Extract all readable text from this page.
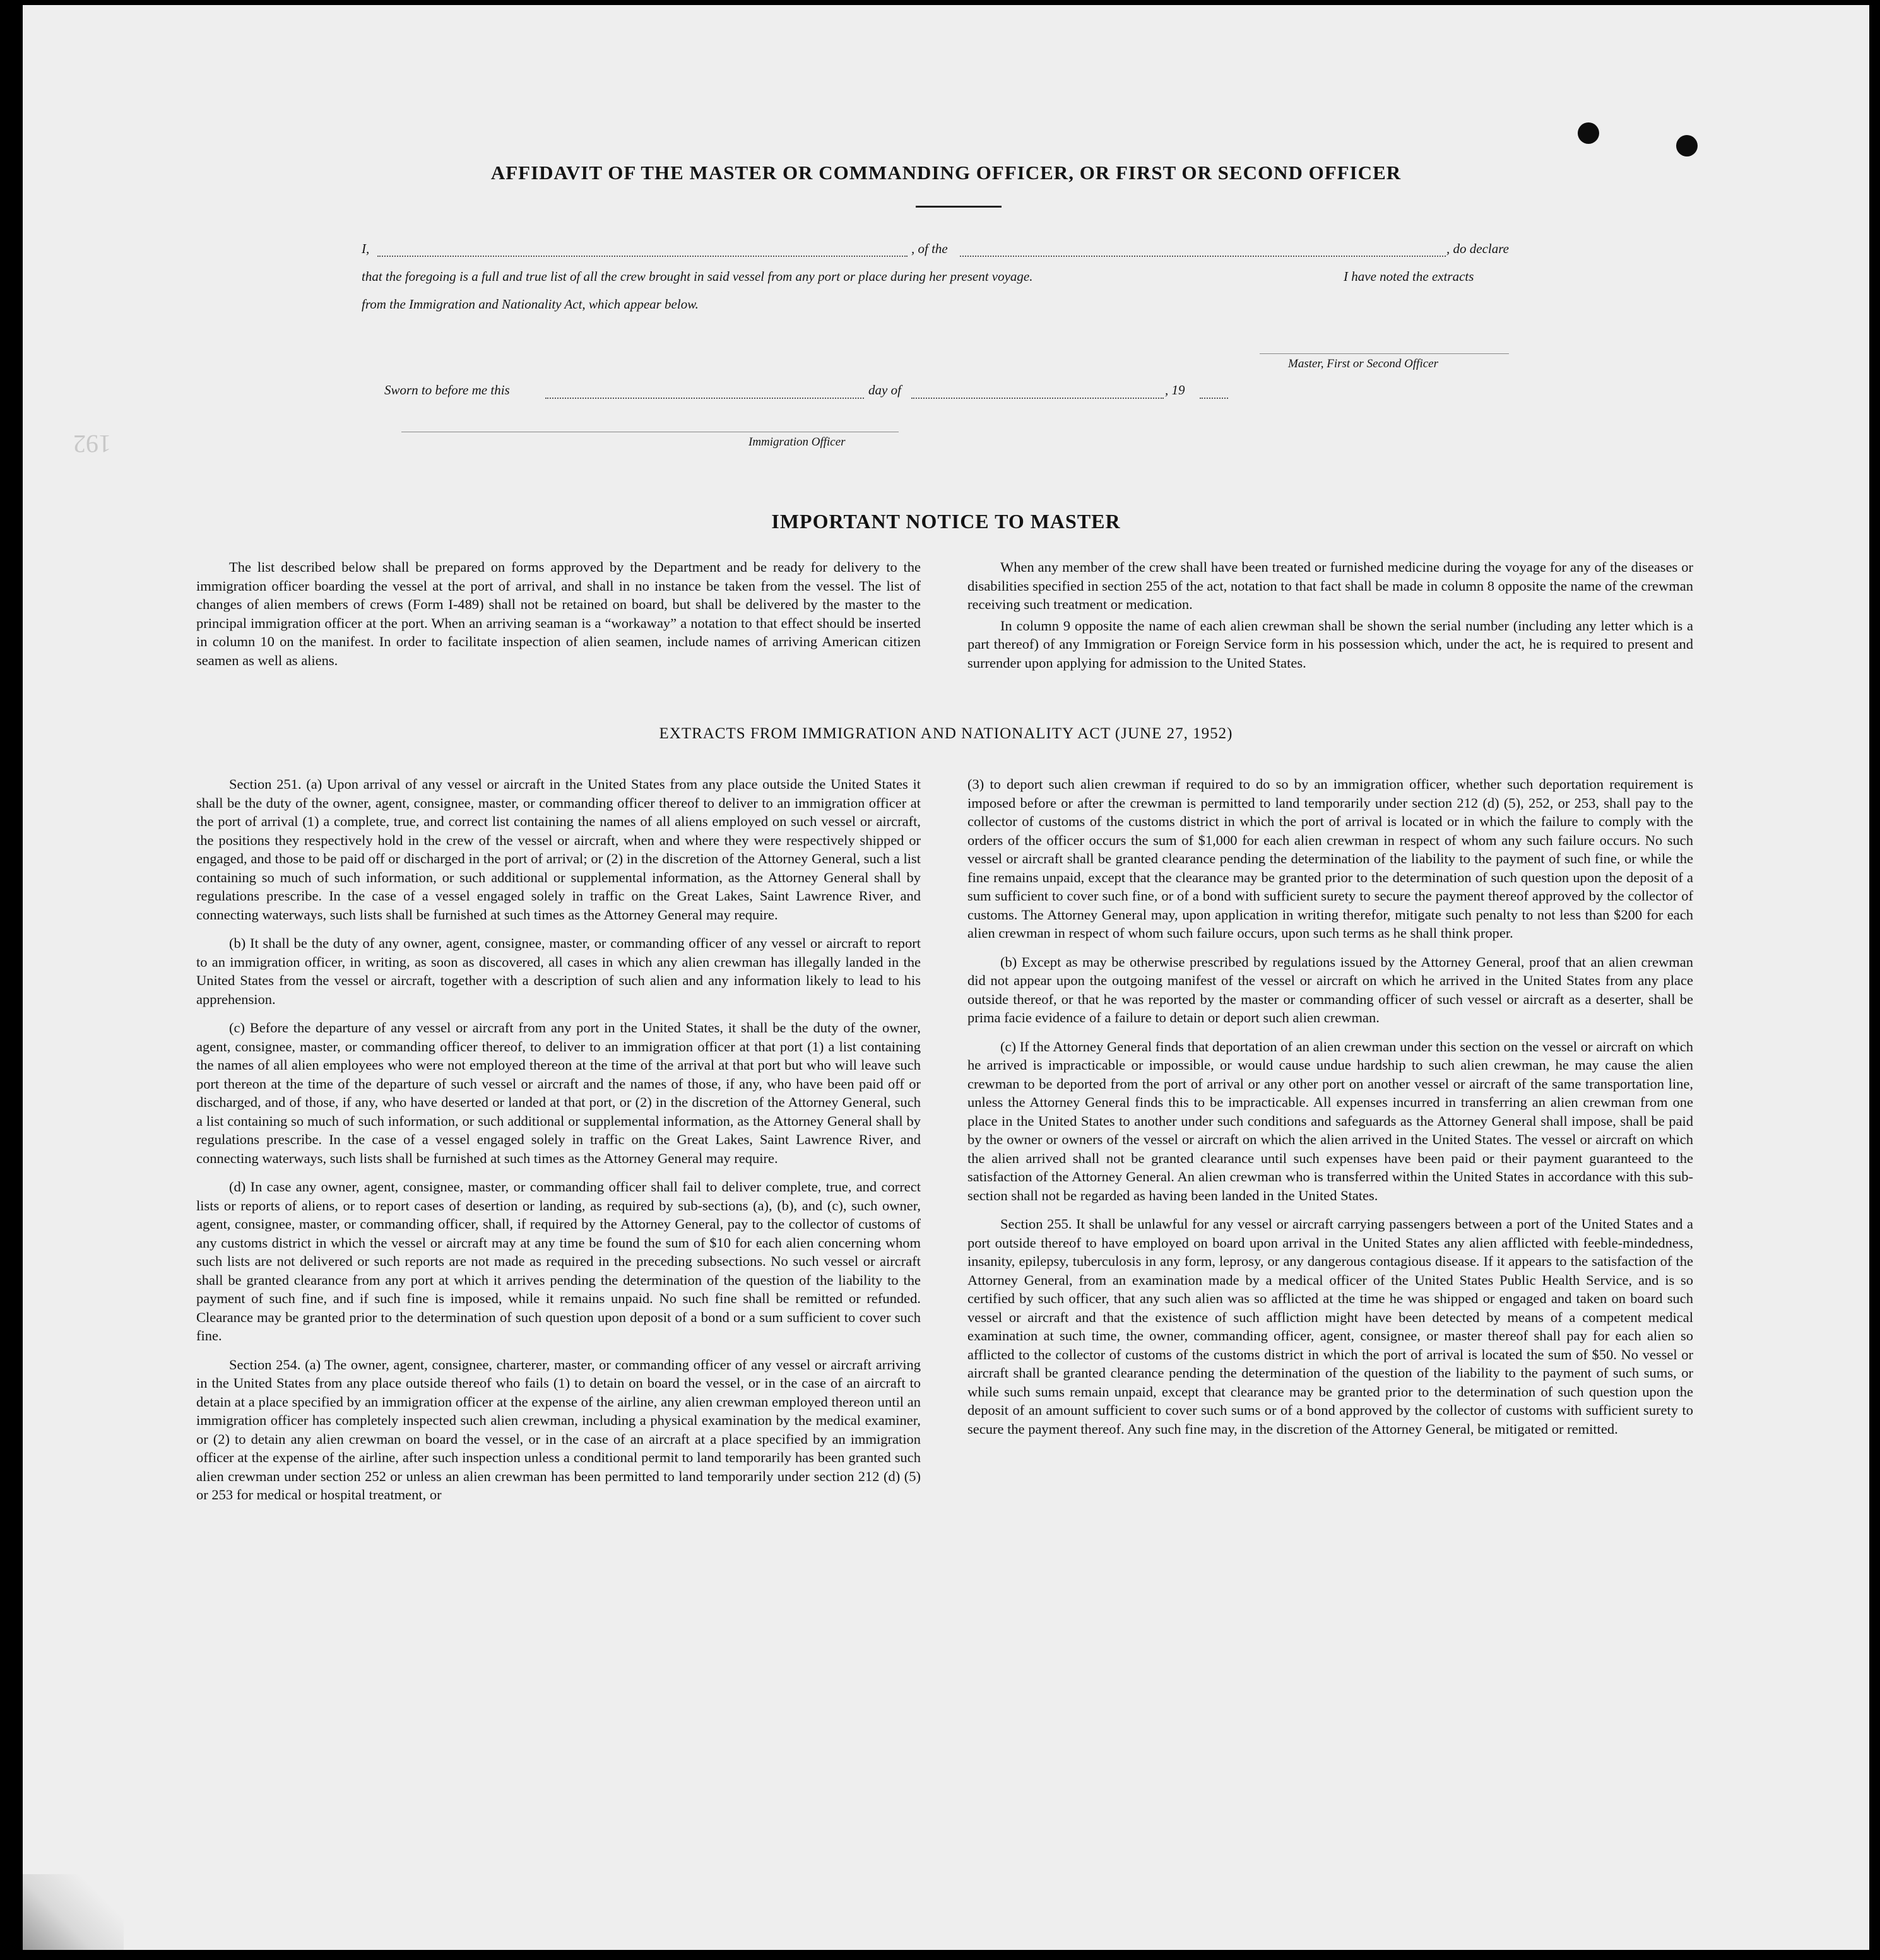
192
AFFIDAVIT OF THE MASTER OR COMMANDING OFFICER, OR FIRST OR SECOND OFFICER
I,	, of the	, do declare
that the foregoing is a full and true list of all the crew brought in said vessel from any port or place during her present voyage.	I have noted the extracts
from the Immigration and Nationality Act, which appear below.
Master, First or Second Officer
Sworn to before me this	day of	, 19
Immigration Officer
IMPORTANT NOTICE TO MASTER

The list described below shall be prepared on forms approved by the Department and be ready for delivery to the immigration officer boarding the vessel at the port of arrival, and shall in no instance be taken from the vessel. The list of changes of alien members of crews (Form I-489) shall not be retained on board, but shall be delivered by the master to the principal immigration officer at the port. When an arriving seaman is a “workaway” a notation to that effect should be inserted in column 10 on the manifest. In order to facilitate inspection of alien seamen, include names of arriving American citizen seamen as well as aliens.

When any member of the crew shall have been treated or furnished medicine during the voyage for any of the diseases or disabilities specified in section 255 of the act, notation to that fact shall be made in column 8 opposite the name of the crewman receiving such treatment or medication.

In column 9 opposite the name of each alien crewman shall be shown the serial number (including any letter which is a part thereof) of any Immigration or Foreign Service form in his possession which, under the act, he is required to present and surrender upon applying for admission to the United States.

EXTRACTS FROM IMMIGRATION AND NATIONALITY ACT (JUNE 27, 1952)

Section 251. (a) Upon arrival of any vessel or aircraft in the United States from any place outside the United States it shall be the duty of the owner, agent, consignee, master, or commanding officer thereof to deliver to an immigration officer at the port of arrival (1) a complete, true, and correct list containing the names of all aliens employed on such vessel or aircraft, the positions they respectively hold in the crew of the vessel or aircraft, when and where they were respectively shipped or engaged, and those to be paid off or discharged in the port of arrival; or (2) in the discretion of the Attorney General, such a list containing so much of such information, or such additional or supplemental information, as the Attorney General shall by regulations prescribe. In the case of a vessel engaged solely in traffic on the Great Lakes, Saint Lawrence River, and connecting waterways, such lists shall be furnished at such times as the Attorney General may require.

(b) It shall be the duty of any owner, agent, consignee, master, or commanding officer of any vessel or aircraft to report to an immigration officer, in writing, as soon as discovered, all cases in which any alien crewman has illegally landed in the United States from the vessel or aircraft, together with a description of such alien and any information likely to lead to his apprehension.

(c) Before the departure of any vessel or aircraft from any port in the United States, it shall be the duty of the owner, agent, consignee, master, or commanding officer thereof, to deliver to an immigration officer at that port (1) a list containing the names of all alien employees who were not employed thereon at the time of the arrival at that port but who will leave such port thereon at the time of the departure of such vessel or aircraft and the names of those, if any, who have been paid off or discharged, and of those, if any, who have deserted or landed at that port, or (2) in the discretion of the Attorney General, such a list containing so much of such information, or such additional or supplemental information, as the Attorney General shall by regulations prescribe. In the case of a vessel engaged solely in traffic on the Great Lakes, Saint Lawrence River, and connecting waterways, such lists shall be furnished at such times as the Attorney General may require.

(d) In case any owner, agent, consignee, master, or commanding officer shall fail to deliver complete, true, and correct lists or reports of aliens, or to report cases of desertion or landing, as required by sub-sections (a), (b), and (c), such owner, agent, consignee, master, or commanding officer, shall, if required by the Attorney General, pay to the collector of customs of any customs district in which the vessel or aircraft may at any time be found the sum of $10 for each alien concerning whom such lists are not delivered or such reports are not made as required in the preceding subsections. No such vessel or aircraft shall be granted clearance from any port at which it arrives pending the determination of the question of the liability to the payment of such fine, and if such fine is imposed, while it remains unpaid. No such fine shall be remitted or refunded. Clearance may be granted prior to the determination of such question upon deposit of a bond or a sum sufficient to cover such fine.

Section 254. (a) The owner, agent, consignee, charterer, master, or commanding officer of any vessel or aircraft arriving in the United States from any place outside thereof who fails (1) to detain on board the vessel, or in the case of an aircraft to detain at a place specified by an immigration officer at the expense of the airline, any alien crewman employed thereon until an immigration officer has completely inspected such alien crewman, including a physical examination by the medical examiner, or (2) to detain any alien crewman on board the vessel, or in the case of an aircraft at a place specified by an immigration officer at the expense of the airline, after such inspection unless a conditional permit to land temporarily has been granted such alien crewman under section 252 or unless an alien crewman has been permitted to land temporarily under section 212 (d) (5) or 253 for medical or hospital treatment, or

(3) to deport such alien crewman if required to do so by an immigration officer, whether such deportation requirement is imposed before or after the crewman is permitted to land temporarily under section 212 (d) (5), 252, or 253, shall pay to the collector of customs of the customs district in which the port of arrival is located or in which the failure to comply with the orders of the officer occurs the sum of $1,000 for each alien crewman in respect of whom any such failure occurs. No such vessel or aircraft shall be granted clearance pending the determination of the liability to the payment of such fine, or while the fine remains unpaid, except that the clearance may be granted prior to the determination of such question upon the deposit of a sum sufficient to cover such fine, or of a bond with sufficient surety to secure the payment thereof approved by the collector of customs. The Attorney General may, upon application in writing therefor, mitigate such penalty to not less than $200 for each alien crewman in respect of whom such failure occurs, upon such terms as he shall think proper.

(b) Except as may be otherwise prescribed by regulations issued by the Attorney General, proof that an alien crewman did not appear upon the outgoing manifest of the vessel or aircraft on which he arrived in the United States from any place outside thereof, or that he was reported by the master or commanding officer of such vessel or aircraft as a deserter, shall be prima facie evidence of a failure to detain or deport such alien crewman.

(c) If the Attorney General finds that deportation of an alien crewman under this section on the vessel or aircraft on which he arrived is impracticable or impossible, or would cause undue hardship to such alien crewman, he may cause the alien crewman to be deported from the port of arrival or any other port on another vessel or aircraft of the same transportation line, unless the Attorney General finds this to be impracticable. All expenses incurred in transferring an alien crewman from one place in the United States to another under such conditions and safeguards as the Attorney General shall impose, shall be paid by the owner or owners of the vessel or aircraft on which the alien arrived in the United States. The vessel or aircraft on which the alien arrived shall not be granted clearance until such expenses have been paid or their payment guaranteed to the satisfaction of the Attorney General. An alien crewman who is transferred within the United States in accordance with this sub-section shall not be regarded as having been landed in the United States.

Section 255. It shall be unlawful for any vessel or aircraft carrying passengers between a port of the United States and a port outside thereof to have employed on board upon arrival in the United States any alien afflicted with feeble-mindedness, insanity, epilepsy, tuberculosis in any form, leprosy, or any dangerous contagious disease. If it appears to the satisfaction of the Attorney General, from an examination made by a medical officer of the United States Public Health Service, and is so certified by such officer, that any such alien was so afflicted at the time he was shipped or engaged and taken on board such vessel or aircraft and that the existence of such affliction might have been detected by means of a competent medical examination at such time, the owner, commanding officer, agent, consignee, or master thereof shall pay for each alien so afflicted to the collector of customs of the customs district in which the port of arrival is located the sum of $50. No vessel or aircraft shall be granted clearance pending the determination of the question of the liability to the payment of such sums, or while such sums remain unpaid, except that clearance may be granted prior to the determination of such question upon the deposit of an amount sufficient to cover such sums or of a bond approved by the collector of customs with sufficient surety to secure the payment thereof. Any such fine may, in the discretion of the Attorney General, be mitigated or remitted.
